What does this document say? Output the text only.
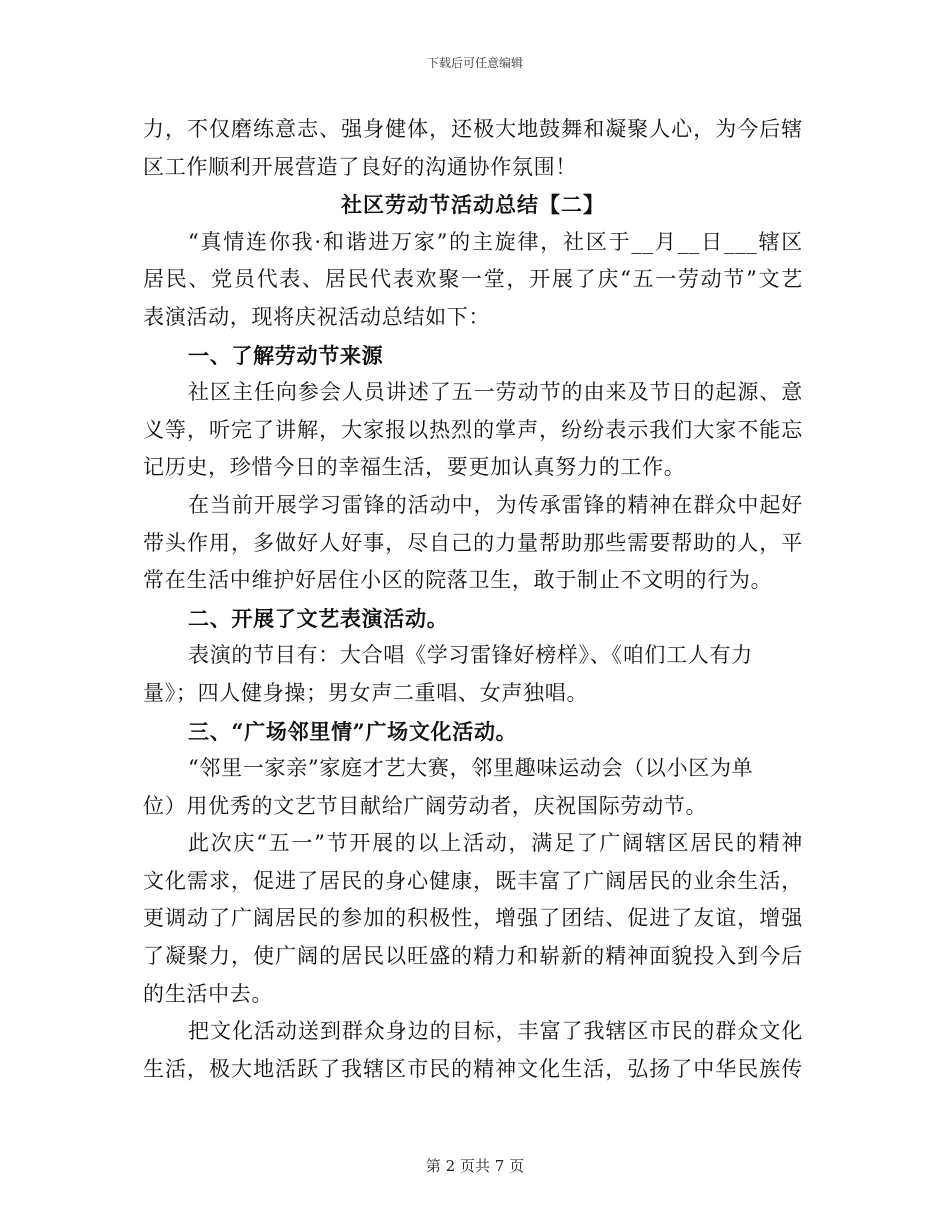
下载后可任意编辑
力，不仅磨练意志、强身健体，还极大地鼓舞和凝聚人心，为今后辖
区工作顺利开展营造了良好的沟通协作氛围！
社区劳动节活动总结【二】
“真情连你我·和谐进万家”的主旋律，社区于__月__日___辖区
居民、党员代表、居民代表欢聚一堂，开展了庆“五一劳动节”文艺
表演活动，现将庆祝活动总结如下：
一、了解劳动节来源
社区主任向参会人员讲述了五一劳动节的由来及节日的起源、意
义等，听完了讲解，大家报以热烈的掌声，纷纷表示我们大家不能忘
记历史，珍惜今日的幸福生活，要更加认真努力的工作。
在当前开展学习雷锋的活动中，为传承雷锋的精神在群众中起好
带头作用，多做好人好事，尽自己的力量帮助那些需要帮助的人，平
常在生活中维护好居住小区的院落卫生，敢于制止不文明的行为。
二、开展了文艺表演活动。
表演的节目有：大合唱《学习雷锋好榜样》、《咱们工人有力
量》；四人健身操；男女声二重唱、女声独唱。
三、“广场邻里情”广场文化活动。
“邻里一家亲”家庭才艺大赛，邻里趣味运动会（以小区为单
位）用优秀的文艺节目献给广阔劳动者，庆祝国际劳动节。
此次庆“五一”节开展的以上活动，满足了广阔辖区居民的精神
文化需求，促进了居民的身心健康，既丰富了广阔居民的业余生活，
更调动了广阔居民的参加的积极性，增强了团结、促进了友谊，增强
了凝聚力，使广阔的居民以旺盛的精力和崭新的精神面貌投入到今后
的生活中去。
把文化活动送到群众身边的目标，丰富了我辖区市民的群众文化
生活，极大地活跃了我辖区市民的精神文化生活，弘扬了中华民族传
第 2 页共 7 页
